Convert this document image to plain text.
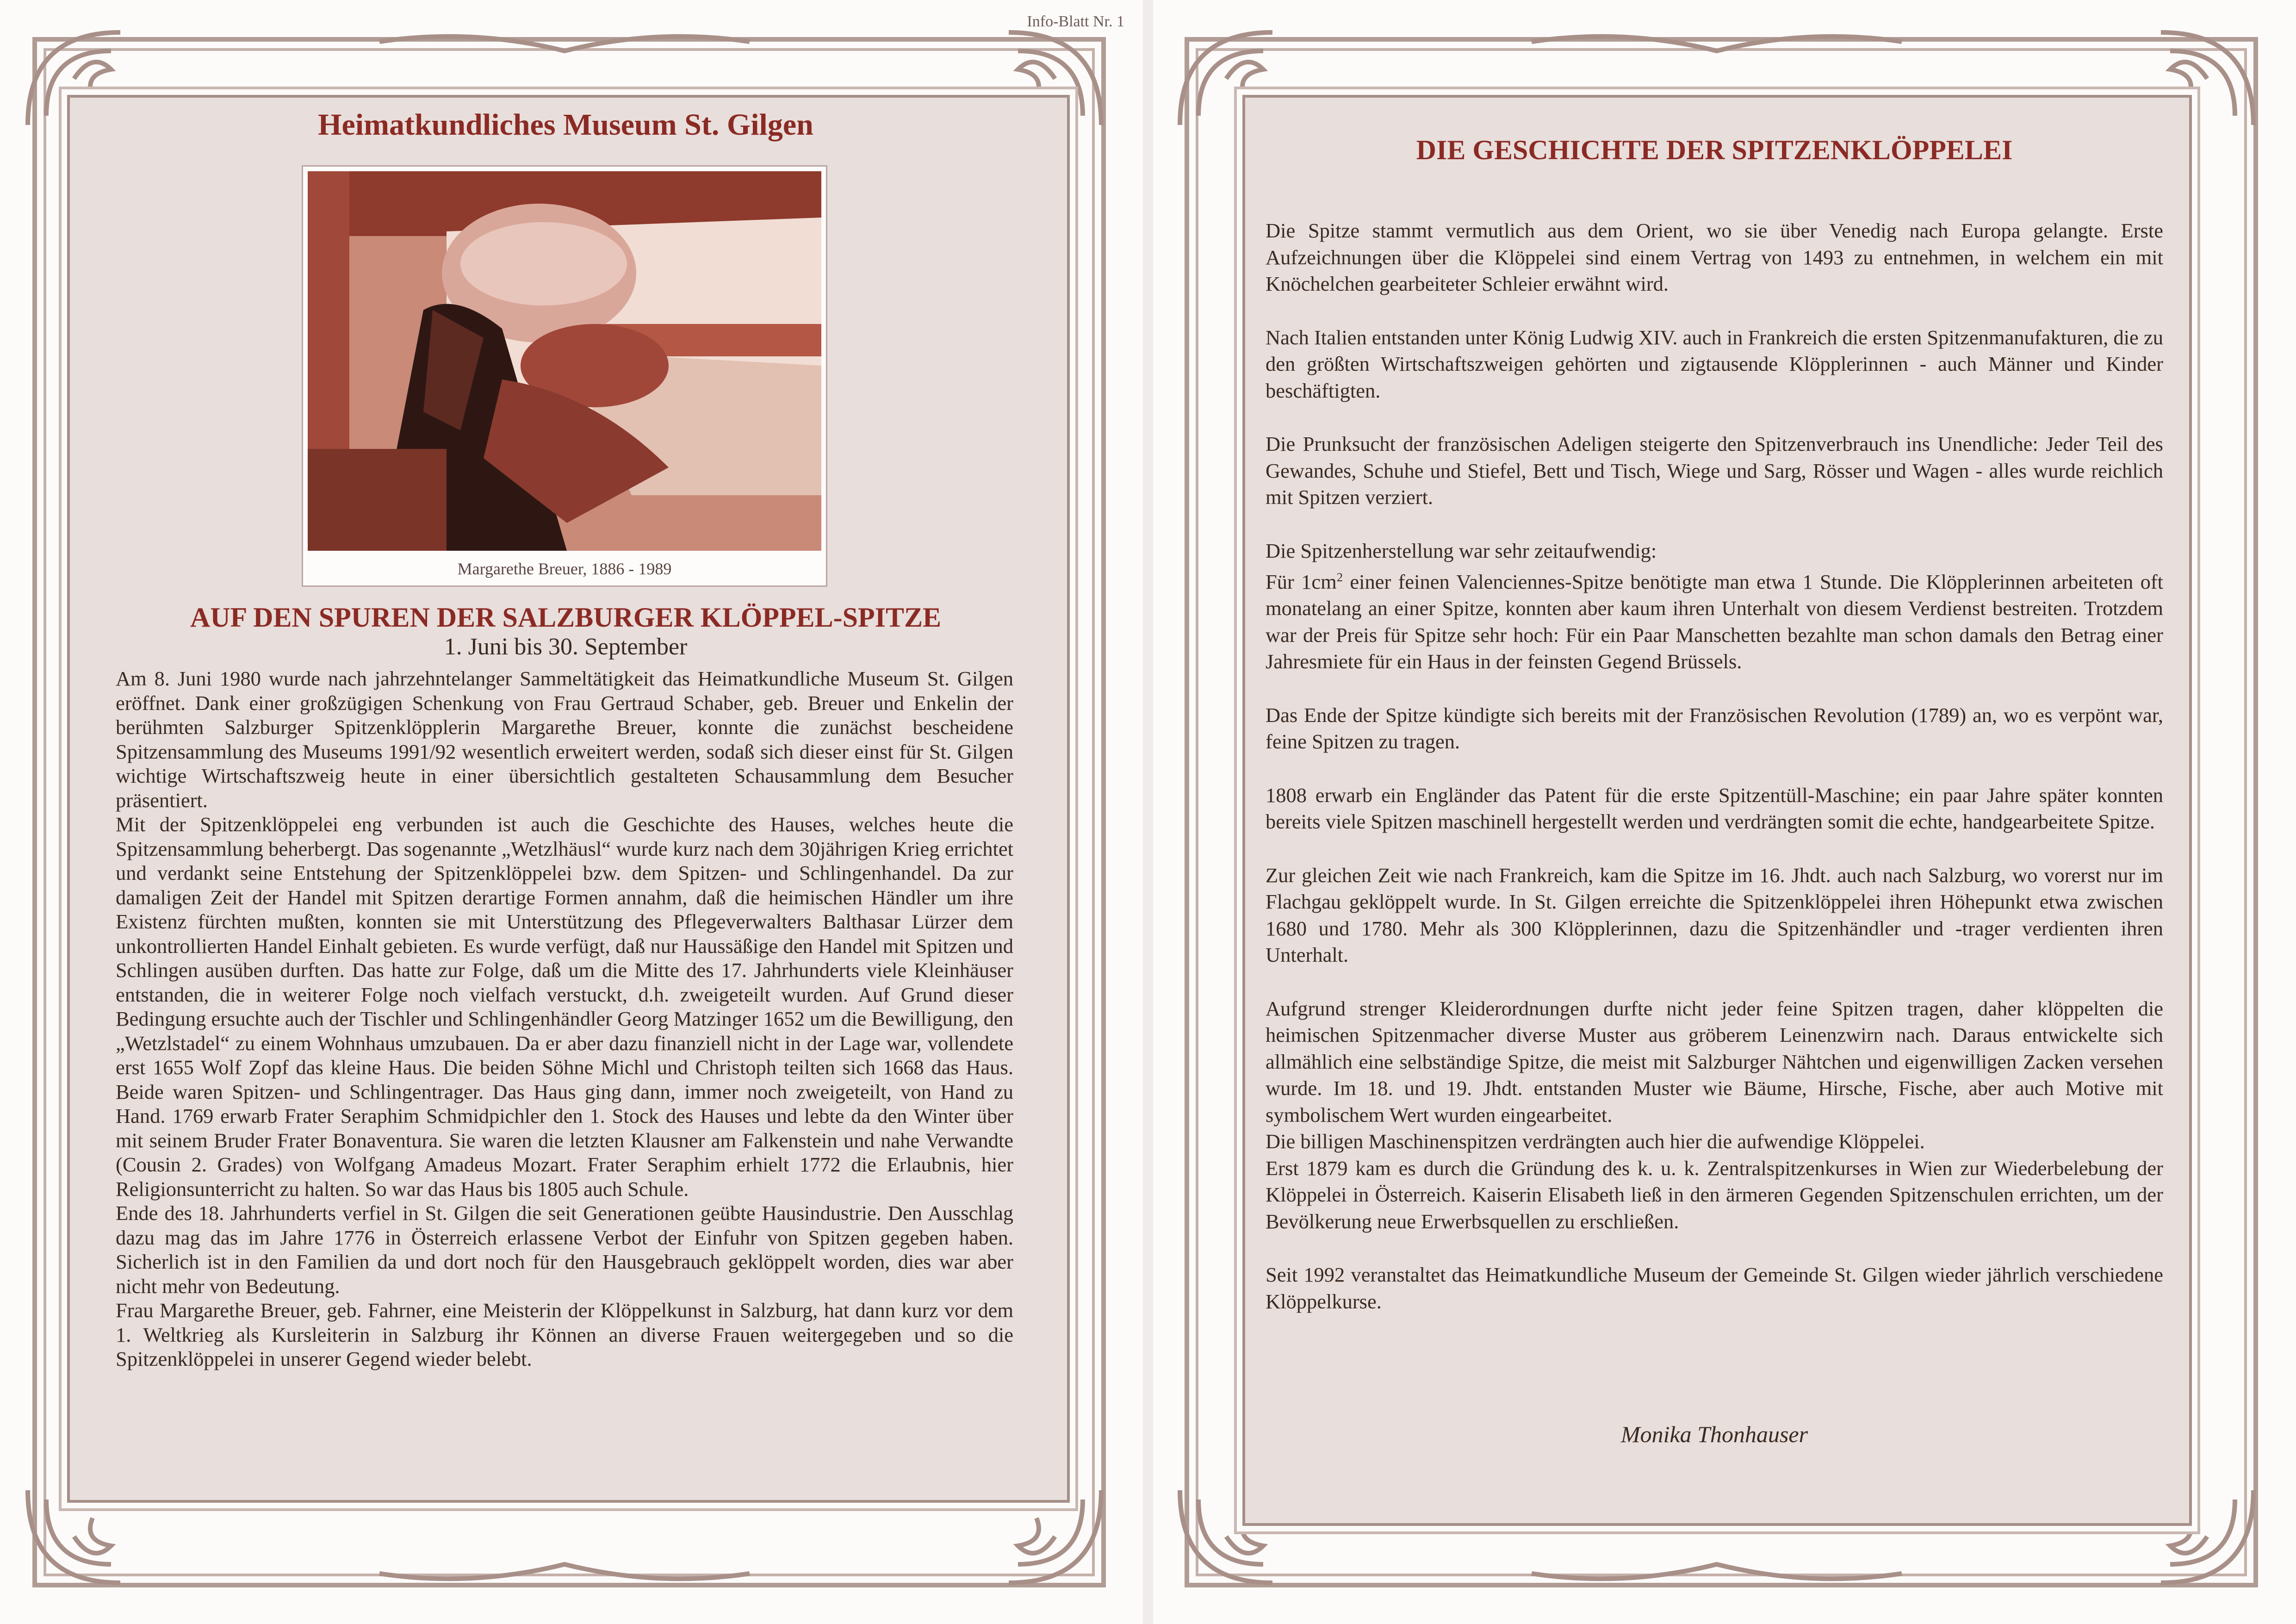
Info-Blatt Nr. 1
Heimatkundliches Museum St. Gilgen
Margarethe Breuer, 1886 - 1989
AUF DEN SPUREN DER SALZBURGER KLÖPPEL-SPITZE
1. Juni bis 30. September

Am 8. Juni 1980 wurde nach jahrzehntelanger Sammeltätigkeit das Heimatkundliche Museum St. Gilgen eröffnet. Dank einer großzügigen Schenkung von Frau Gertraud Schaber, geb. Breuer und Enkelin der berühmten Salzburger Spitzenklöpplerin Margarethe Breuer, konnte die zunächst bescheidene Spitzensammlung des Museums 1991/92 wesentlich erweitert werden, sodaß sich dieser einst für St. Gilgen wichtige Wirtschaftszweig heute in einer übersichtlich gestalteten Schausammlung dem Besucher präsentiert.

Mit der Spitzenklöppelei eng verbunden ist auch die Geschichte des Hauses, welches heute die Spitzensammlung beherbergt. Das sogenannte „Wetzlhäusl“ wurde kurz nach dem 30jährigen Krieg errichtet und verdankt seine Entstehung der Spitzenklöppelei bzw. dem Spitzen- und Schlingenhandel. Da zur damaligen Zeit der Handel mit Spitzen derartige Formen annahm, daß die heimischen Händler um ihre Existenz fürchten mußten, konnten sie mit Unterstützung des Pflegeverwalters Balthasar Lürzer dem unkontrollierten Handel Einhalt gebieten. Es wurde verfügt, daß nur Haussäßige den Handel mit Spitzen und Schlingen ausüben durften. Das hatte zur Folge, daß um die Mitte des 17. Jahrhunderts viele Kleinhäuser entstanden, die in weiterer Folge noch vielfach verstuckt, d.h. zweigeteilt wurden. Auf Grund dieser Bedingung ersuchte auch der Tischler und Schlingenhändler Georg Matzinger 1652 um die Bewilligung, den „Wetzlstadel“ zu einem Wohnhaus umzubauen. Da er aber dazu finanziell nicht in der Lage war, vollendete erst 1655 Wolf Zopf das kleine Haus. Die beiden Söhne Michl und Christoph teilten sich 1668 das Haus. Beide waren Spitzen- und Schlingentrager. Das Haus ging dann, immer noch zweigeteilt, von Hand zu Hand. 1769 erwarb Frater Seraphim Schmidpichler den 1. Stock des Hauses und lebte da den Winter über mit seinem Bruder Frater Bonaventura. Sie waren die letzten Klausner am Falkenstein und nahe Verwandte (Cousin 2. Grades) von Wolfgang Amadeus Mozart. Frater Seraphim erhielt 1772 die Erlaubnis, hier Religionsunterricht zu halten. So war das Haus bis 1805 auch Schule.

Ende des 18. Jahrhunderts verfiel in St. Gilgen die seit Generationen geübte Hausindustrie. Den Ausschlag dazu mag das im Jahre 1776 in Österreich erlassene Verbot der Einfuhr von Spitzen gegeben haben. Sicherlich ist in den Familien da und dort noch für den Hausgebrauch geklöppelt worden, dies war aber nicht mehr von Bedeutung.

Frau Margarethe Breuer, geb. Fahrner, eine Meisterin der Klöppelkunst in Salzburg, hat dann kurz vor dem 1. Weltkrieg als Kursleiterin in Salzburg ihr Können an diverse Frauen weitergegeben und so die Spitzenklöppelei in unserer Gegend wieder belebt.

DIE GESCHICHTE DER SPITZENKLÖPPELEI

Die Spitze stammt vermutlich aus dem Orient, wo sie über Venedig nach Europa gelangte. Erste Aufzeichnungen über die Klöppelei sind einem Vertrag von 1493 zu entnehmen, in welchem ein mit Knöchelchen gearbeiteter Schleier erwähnt wird.

Nach Italien entstanden unter König Ludwig XIV. auch in Frankreich die ersten Spitzenmanufakturen, die zu den größten Wirtschaftszweigen gehörten und zigtausende Klöpplerinnen - auch Männer und Kinder beschäftigten.

Die Prunksucht der französischen Adeligen steigerte den Spitzenverbrauch ins Unendliche: Jeder Teil des Gewandes, Schuhe und Stiefel, Bett und Tisch, Wiege und Sarg, Rösser und Wagen - alles wurde reichlich mit Spitzen verziert.

Die Spitzenherstellung war sehr zeitaufwendig:

Für $1cm^2$ einer feinen Valenciennes-Spitze benötigte man etwa 1 Stunde. Die Klöpplerinnen arbeiteten oft monatelang an einer Spitze, konnten aber kaum ihren Unterhalt von diesem Verdienst bestreiten. Trotzdem war der Preis für Spitze sehr hoch: Für ein Paar Manschetten bezahlte man schon damals den Betrag einer Jahresmiete für ein Haus in der feinsten Gegend Brüssels.

Das Ende der Spitze kündigte sich bereits mit der Französischen Revolution (1789) an, wo es verpönt war, feine Spitzen zu tragen.

1808 erwarb ein Engländer das Patent für die erste Spitzentüll-Maschine; ein paar Jahre später konnten bereits viele Spitzen maschinell hergestellt werden und verdrängten somit die echte, handgearbeitete Spitze.

Zur gleichen Zeit wie nach Frankreich, kam die Spitze im 16. Jhdt. auch nach Salzburg, wo vorerst nur im Flachgau geklöppelt wurde. In St. Gilgen erreichte die Spitzenklöppelei ihren Höhepunkt etwa zwischen 1680 und 1780. Mehr als 300 Klöpplerinnen, dazu die Spitzenhändler und -trager verdienten ihren Unterhalt.

Aufgrund strenger Kleiderordnungen durfte nicht jeder feine Spitzen tragen, daher klöppelten die heimischen Spitzenmacher diverse Muster aus gröberem Leinenzwirn nach. Daraus entwickelte sich allmählich eine selbständige Spitze, die meist mit Salzburger Nähtchen und eigenwilligen Zacken versehen wurde. Im 18. und 19. Jhdt. entstanden Muster wie Bäume, Hirsche, Fische, aber auch Motive mit symbolischem Wert wurden eingearbeitet.

Die billigen Maschinenspitzen verdrängten auch hier die aufwendige Klöppelei.

Erst 1879 kam es durch die Gründung des k. u. k. Zentralspitzenkurses in Wien zur Wiederbelebung der Klöppelei in Österreich. Kaiserin Elisabeth ließ in den ärmeren Gegenden Spitzenschulen errichten, um der Bevölkerung neue Erwerbsquellen zu erschließen.

Seit 1992 veranstaltet das Heimatkundliche Museum der Gemeinde St. Gilgen wieder jährlich verschiedene Klöppelkurse.

Monika Thonhauser
